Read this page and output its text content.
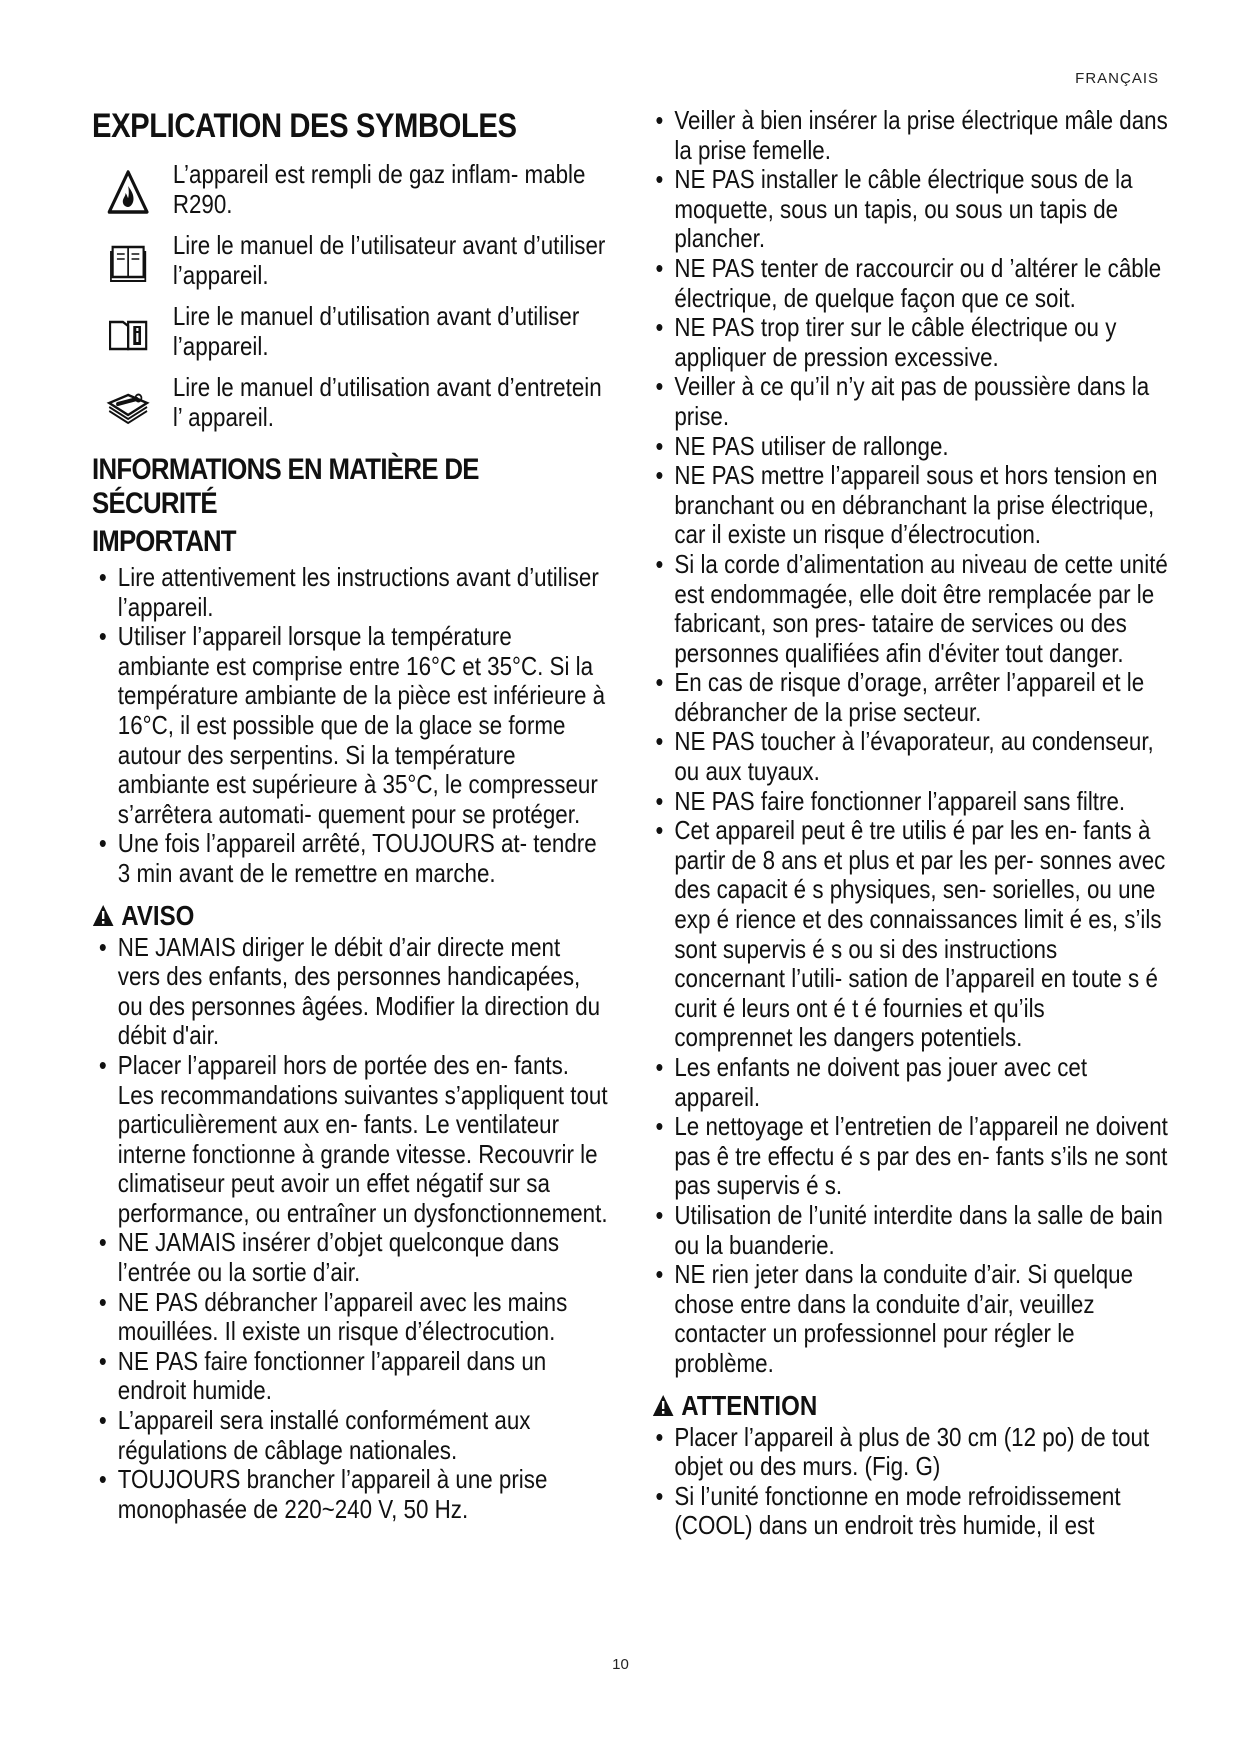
FRANÇAIS
EXPLICATION DES SYMBOLES
L’appareil est rempli de gaz inflam- mable R290.
Lire le manuel de l’utilisateur avant d’utiliser l’appareil.
Lire le manuel d’utilisation avant d’utiliser l’appareil.
Lire le manuel d’utilisation avant d’entretein l’ appareil.
INFORMATIONS EN MATIÈRE DE SÉCURITÉ
IMPORTANT
• Lire attentivement les instructions avant d’utiliser l’appareil.
• Utiliser l’appareil lorsque la température ambiante est comprise entre 16°C et 35°C. Si la température ambiante de la pièce est inférieure à 16°C, il est possible que de la glace se forme autour des serpentins. Si la température ambiante est supérieure à 35°C, le compresseur s’arrêtera automati- quement pour se protéger.
• Une fois l’appareil arrêté, TOUJOURS at- tendre 3 min avant de le remettre en marche.
AVISO
• NE JAMAIS diriger le débit d’air directe ment vers des enfants, des personnes handicapées, ou des personnes âgées. Modifier la direction du débit d'air.
• Placer l’appareil hors de portée des en- fants. Les recommandations suivantes s’appliquent tout particulièrement aux en- fants. Le ventilateur interne fonctionne à grande vitesse. Recouvrir le climatiseur peut avoir un effet négatif sur sa performance, ou entraîner un dysfonctionnement.
• NE JAMAIS insérer d’objet quelconque dans l’entrée ou la sortie d’air.
• NE PAS débrancher l’appareil avec les mains mouillées. Il existe un risque d’électrocution.
• NE PAS faire fonctionner l’appareil dans un endroit humide.
• L’appareil sera installé conformément aux régulations de câblage nationales.
• TOUJOURS brancher l’appareil à une prise monophasée de 220~240 V, 50 Hz.
• Veiller à bien insérer la prise électrique mâle dans la prise femelle.
• NE PAS installer le câble électrique sous de la moquette, sous un tapis, ou sous un tapis de plancher.
• NE PAS tenter de raccourcir ou d ’altérer le câble électrique, de quelque façon que ce soit.
• NE PAS trop tirer sur le câble électrique ou y appliquer de pression excessive.
• Veiller à ce qu’il n’y ait pas de poussière dans la prise.
• NE PAS utiliser de rallonge.
• NE PAS mettre l’appareil sous et hors tension en branchant ou en débranchant la prise électrique, car il existe un risque d’électrocution.
• Si la corde d’alimentation au niveau de cette unité est endommagée, elle doit être remplacée par le fabricant, son pres- tataire de services ou des personnes qualifiées afin d'éviter tout danger.
• En cas de risque d’orage, arrêter l’appareil et le débrancher de la prise secteur.
• NE PAS toucher à l’évaporateur, au condenseur, ou aux tuyaux.
• NE PAS faire fonctionner l’appareil sans filtre.
• Cet appareil peut ê tre utilis é par les en- fants à partir de 8 ans et plus et par les per- sonnes avec des capacit é s physiques, sen- sorielles, ou une exp é rience et des connaissances limit é es, s’ils sont supervis é s ou si des instructions concernant l’utili- sation de l’appareil en toute s é curit é leurs ont é t é fournies et qu’ils comprennet les dangers potentiels.
• Les enfants ne doivent pas jouer avec cet appareil.
• Le nettoyage et l’entretien de l’appareil ne doivent pas ê tre effectu é s par des en- fants s’ils ne sont pas supervis é s.
• Utilisation de l’unité interdite dans la salle de bain ou la buanderie.
• NE rien jeter dans la conduite d’air. Si quelque chose entre dans la conduite d’air, veuillez contacter un professionnel pour régler le problème.
ATTENTION
• Placer l’appareil à plus de 30 cm (12 po) de tout objet ou des murs. (Fig. G)
• Si l’unité fonctionne en mode refroidissement (COOL) dans un endroit très humide, il est
10
